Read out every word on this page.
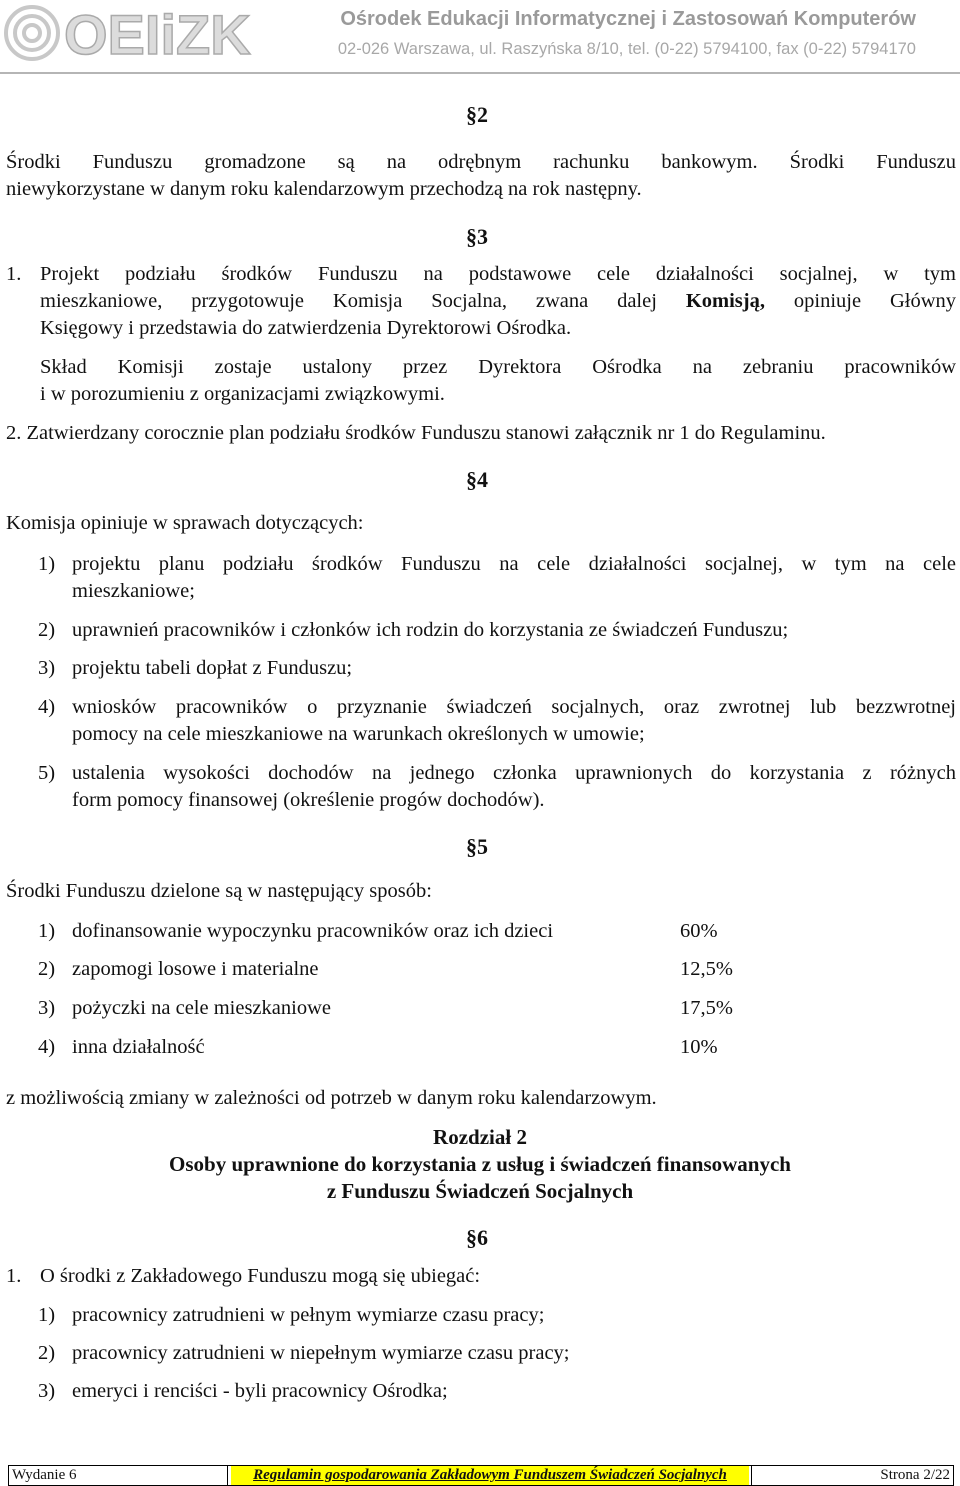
OEIiZK	Ośrodek Edukacji Informatycznej i Zastosowań Komputerów
02-026 Warszawa, ul. Raszyńska 8/10, tel. (0-22) 5794100, fax (0-22) 5794170
§2
Środki Funduszu gromadzone są na odrębnym rachunku bankowym. Środki Funduszu
niewykorzystane w danym roku kalendarzowym przechodzą na rok następny.
§3
1. Projekt podziału środków Funduszu na podstawowe cele działalności socjalnej, w tym
mieszkaniowe, przygotowuje Komisja Socjalna, zwana dalej Komisją, opiniuje Główny
Księgowy i przedstawia do zatwierdzenia Dyrektorowi Ośrodka.
Skład Komisji zostaje ustalony przez Dyrektora Ośrodka na zebraniu pracowników
i w porozumieniu z organizacjami związkowymi.
2. Zatwierdzany corocznie plan podziału środków Funduszu stanowi załącznik nr 1 do Regulaminu.
§4
Komisja opiniuje w sprawach dotyczących:
1) projektu planu podziału środków Funduszu na cele działalności socjalnej, w tym na cele
mieszkaniowe;
2) uprawnień pracowników i członków ich rodzin do korzystania ze świadczeń Funduszu;
3) projektu tabeli dopłat z Funduszu;
4) wniosków pracowników o przyznanie świadczeń socjalnych, oraz zwrotnej lub bezzwrotnej
pomocy na cele mieszkaniowe na warunkach określonych w umowie;
5) ustalenia wysokości dochodów na jednego członka uprawnionych do korzystania z różnych
form pomocy finansowej (określenie progów dochodów).
§5
Środki Funduszu dzielone są w następujący sposób:
1) dofinansowanie wypoczynku pracowników oraz ich dzieci	60%
2) zapomogi losowe i materialne	12,5%
3) pożyczki na cele mieszkaniowe	17,5%
4) inna działalność	10%
z możliwością zmiany w zależności od potrzeb w danym roku kalendarzowym.
Rozdział 2
Osoby uprawnione do korzystania z usług i świadczeń finansowanych
z Funduszu Świadczeń Socjalnych
§6
1. O środki z Zakładowego Funduszu mogą się ubiegać:
1) pracownicy zatrudnieni w pełnym wymiarze czasu pracy;
2) pracownicy zatrudnieni w niepełnym wymiarze czasu pracy;
3) emeryci i renciści - byli pracownicy Ośrodka;
Wydanie 6	Regulamin gospodarowania Zakładowym Funduszem Świadczeń Socjalnych	Strona 2/22
